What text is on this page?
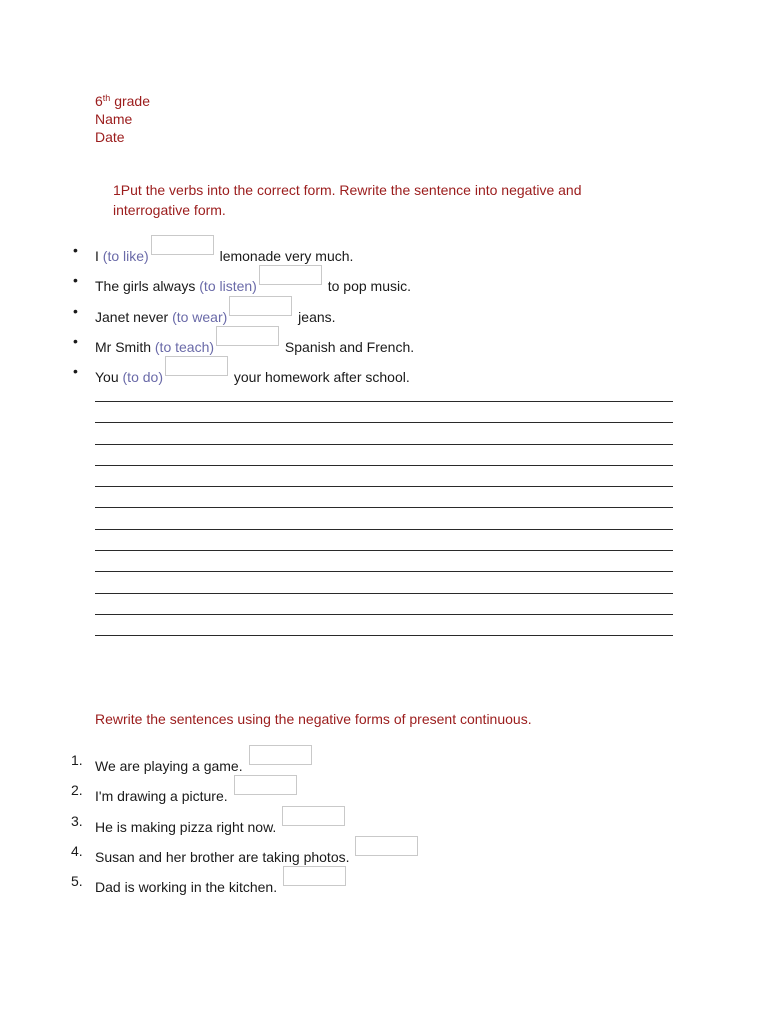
6th grade
Name
Date
1Put the verbs into the correct form. Rewrite the sentence into negative and interrogative form.
• I (to like)	lemonade very much.
• The girls always (to listen)	to pop music.
• Janet never (to wear)	jeans.
• Mr Smith (to teach)	Spanish and French.
• You (to do)	your homework after school.
Rewrite the sentences using the negative forms of present continuous.
1. We are playing a game.
2. I'm drawing a picture.
3. He is making pizza right now.
4. Susan and her brother are taking photos.
5. Dad is working in the kitchen.
